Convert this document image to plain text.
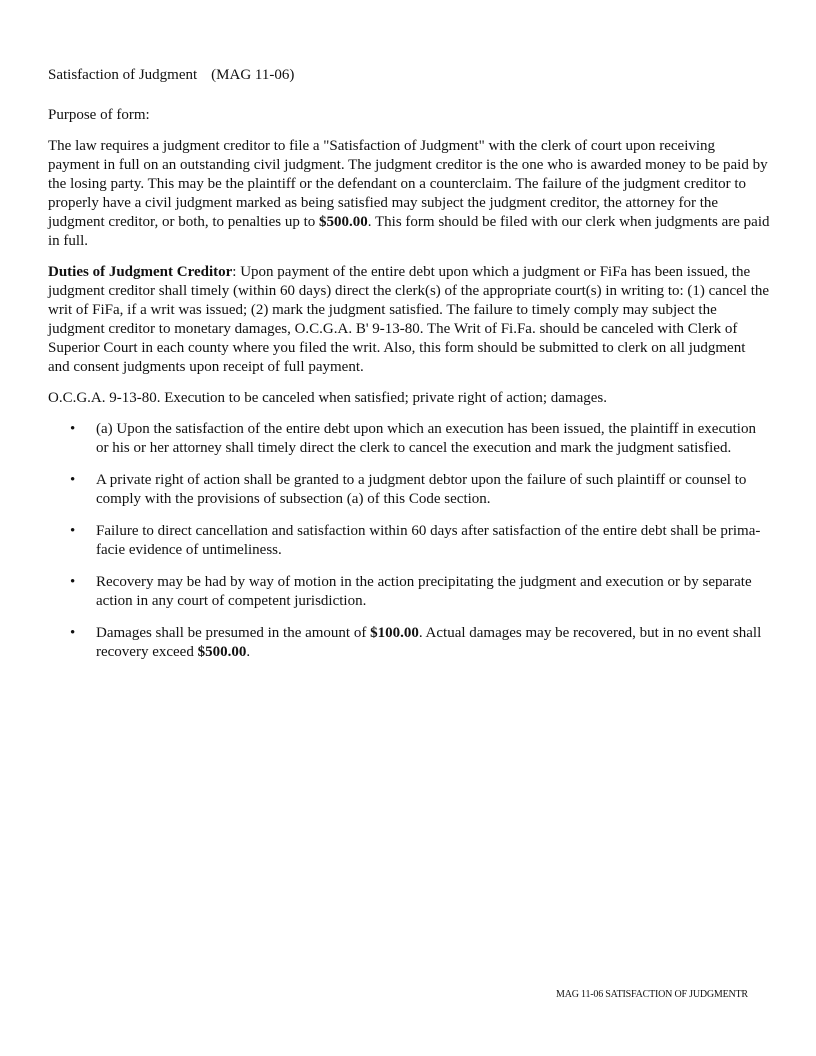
Satisfaction of Judgment (MAG 11-06)
Purpose of form:
The law requires a judgment creditor to file a "Satisfaction of Judgment" with the clerk of court upon receiving payment in full on an outstanding civil judgment. The judgment creditor is the one who is awarded money to be paid by the losing party. This may be the plaintiff or the defendant on a counterclaim. The failure of the judgment creditor to properly have a civil judgment marked as being satisfied may subject the judgment creditor, the attorney for the judgment creditor, or both, to penalties up to $500.00. This form should be filed with our clerk when judgments are paid in full.
Duties of Judgment Creditor: Upon payment of the entire debt upon which a judgment or FiFa has been issued, the judgment creditor shall timely (within 60 days) direct the clerk(s) of the appropriate court(s) in writing to: (1) cancel the writ of FiFa, if a writ was issued; (2) mark the judgment satisfied. The failure to timely comply may subject the judgment creditor to monetary damages, O.C.G.A. B' 9-13-80. The Writ of Fi.Fa. should be canceled with Clerk of Superior Court in each county where you filed the writ. Also, this form should be submitted to clerk on all judgment and consent judgments upon receipt of full payment.
O.C.G.A. 9-13-80. Execution to be canceled when satisfied; private right of action; damages.
• (a) Upon the satisfaction of the entire debt upon which an execution has been issued, the plaintiff in execution or his or her attorney shall timely direct the clerk to cancel the execution and mark the judgment satisfied.
• A private right of action shall be granted to a judgment debtor upon the failure of such plaintiff or counsel to comply with the provisions of subsection (a) of this Code section.
• Failure to direct cancellation and satisfaction within 60 days after satisfaction of the entire debt shall be prima-facie evidence of untimeliness.
• Recovery may be had by way of motion in the action precipitating the judgment and execution or by separate action in any court of competent jurisdiction.
• Damages shall be presumed in the amount of $100.00. Actual damages may be recovered, but in no event shall recovery exceed $500.00.
MAG 11-06 SATISFACTION OF JUDGMENTR
